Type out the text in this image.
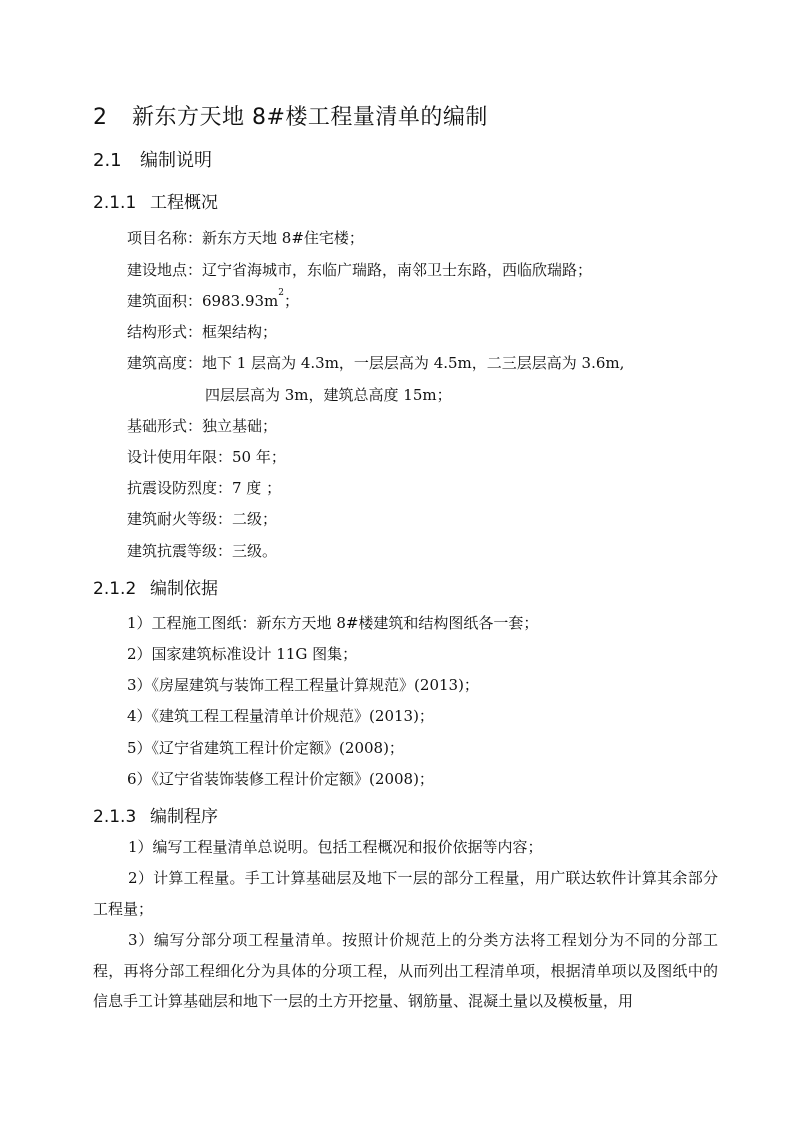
2 新东方天地 8#楼工程量清单的编制
2.1 编制说明
2.1.1 工程概况
项目名称：新东方天地 8#住宅楼；
建设地点：辽宁省海城市，东临广瑞路，南邻卫士东路，西临欣瑞路；
建筑面积：$6983.93m^2$；
结构形式：框架结构；
建筑高度：地下 1 层高为 4.3m，一层层高为 4.5m，二三层层高为 3.6m,
四层层高为 3m，建筑总高度 15m；
基础形式：独立基础；
设计使用年限：50 年；
抗震设防烈度：7 度 ；
建筑耐火等级：二级；
建筑抗震等级：三级。
2.1.2 编制依据
1）工程施工图纸：新东方天地 8#楼建筑和结构图纸各一套；
2）国家建筑标准设计 11G 图集；
3）《房屋建筑与装饰工程工程量计算规范》(2013)；
4）《建筑工程工程量清单计价规范》(2013)；
5）《辽宁省建筑工程计价定额》(2008)；
6）《辽宁省装饰装修工程计价定额》(2008)；
2.1.3 编制程序
1）编写工程量清单总说明。包括工程概况和报价依据等内容；
2）计算工程量。手工计算基础层及地下一层的部分工程量，用广联达软件计算其余部分工程量；
3）编写分部分项工程量清单。按照计价规范上的分类方法将工程划分为不同的分部工程，再将分部工程细化分为具体的分项工程，从而列出工程清单项，根据清单项以及图纸中的信息手工计算基础层和地下一层的土方开挖量、钢筋量、混凝土量以及模板量，用
